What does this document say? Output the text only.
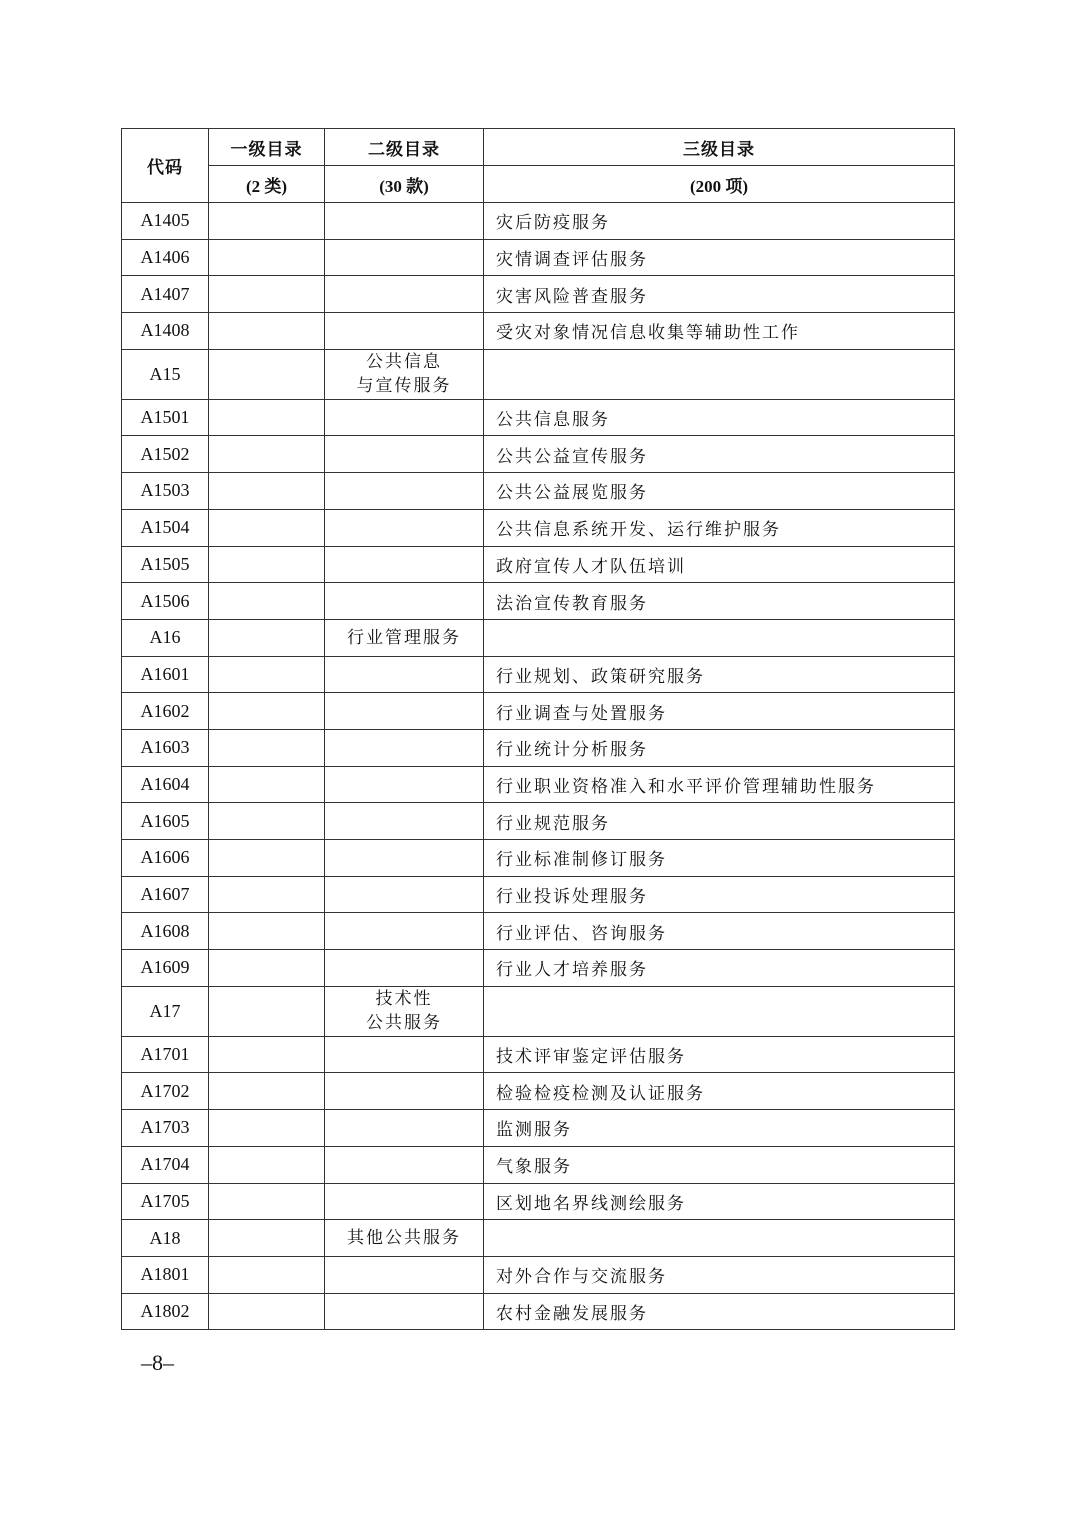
代码	一级目录	二级目录	三级目录
	(2 类)	(30 款)	(200 项)
A1405			灾后防疫服务
A1406			灾情调查评估服务
A1407			灾害风险普查服务
A1408			受灾对象情况信息收集等辅助性工作
A15		公共信息
与宣传服务	
A1501			公共信息服务
A1502			公共公益宣传服务
A1503			公共公益展览服务
A1504			公共信息系统开发、运行维护服务
A1505			政府宣传人才队伍培训
A1506			法治宣传教育服务
A16		行业管理服务	
A1601			行业规划、政策研究服务
A1602			行业调查与处置服务
A1603			行业统计分析服务
A1604			行业职业资格准入和水平评价管理辅助性服务
A1605			行业规范服务
A1606			行业标准制修订服务
A1607			行业投诉处理服务
A1608			行业评估、咨询服务
A1609			行业人才培养服务
A17		技术性
公共服务	
A1701			技术评审鉴定评估服务
A1702			检验检疫检测及认证服务
A1703			监测服务
A1704			气象服务
A1705			区划地名界线测绘服务
A18		其他公共服务	
A1801			对外合作与交流服务
A1802			农村金融发展服务
–8–
